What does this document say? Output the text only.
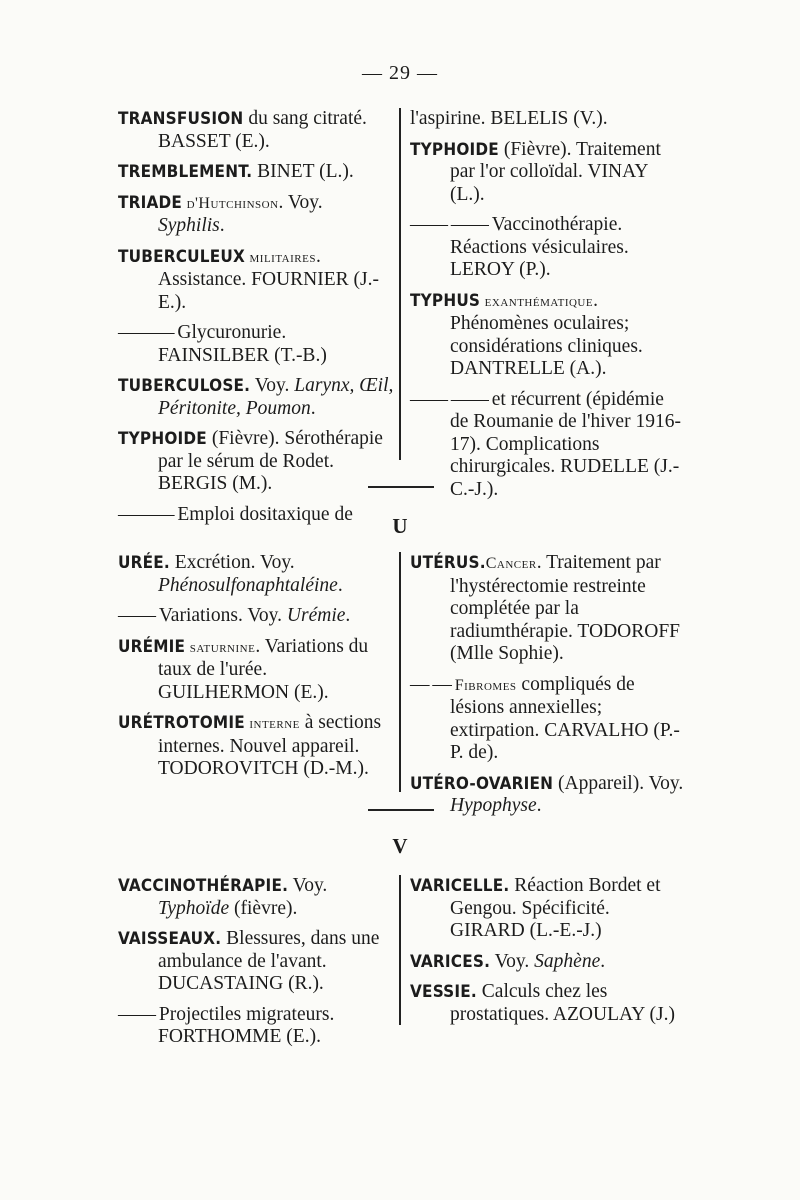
— 29 —
TRANSFUSION du sang citraté. BASSET (E.).
TREMBLEMENT. BINET (L.).
TRIADE d'Hutchinson. Voy. Syphilis.
TUBERCULEUX militaires. Assistance. FOURNIER (J.-E.).
——— Glycuronurie. FAINSILBER (T.-B.)
TUBERCULOSE. Voy. Larynx, Œil, Péritonite, Poumon.
TYPHOIDE (Fièvre). Sérothérapie par le sérum de Rodet. BERGIS (M.).
——— Emploi dositaxique de
l'aspirine. BELELIS (V.).
TYPHOIDE (Fièvre). Traitement par l'or colloïdal. VINAY (L.).
—— —— Vaccinothérapie. Réactions vésiculaires. LEROY (P.).
TYPHUS exanthématique. Phénomènes oculaires; considérations cliniques. DANTRELLE (A.).
—— —— et récurrent (épidémie de Roumanie de l'hiver 1916-17). Complications chirurgicales. RUDELLE (J.-C.-J.).
U
URÉE. Excrétion. Voy. Phénosulfonaphtaléine.
—— Variations. Voy. Urémie.
URÉMIE saturnine. Variations du taux de l'urée. GUILHERMON (E.).
URÉTROTOMIE interne à sections internes. Nouvel appareil. TODOROVITCH (D.-M.).
UTÉRUS.Cancer. Traitement par l'hystérectomie restreinte complétée par la radiumthérapie. TODOROFF (Mlle Sophie).
— — Fibromes compliqués de lésions annexielles; extirpation. CARVALHO (P.-P. de).
UTÉRO-OVARIEN (Appareil). Voy. Hypophyse.
V
VACCINOTHÉRAPIE. Voy. Typhoïde (fièvre).
VAISSEAUX. Blessures, dans une ambulance de l'avant. DUCASTAING (R.).
—— Projectiles migrateurs. FORTHOMME (E.).
VARICELLE. Réaction Bordet et Gengou. Spécificité. GIRARD (L.-E.-J.)
VARICES. Voy. Saphène.
VESSIE. Calculs chez les prostatiques. AZOULAY (J.)
